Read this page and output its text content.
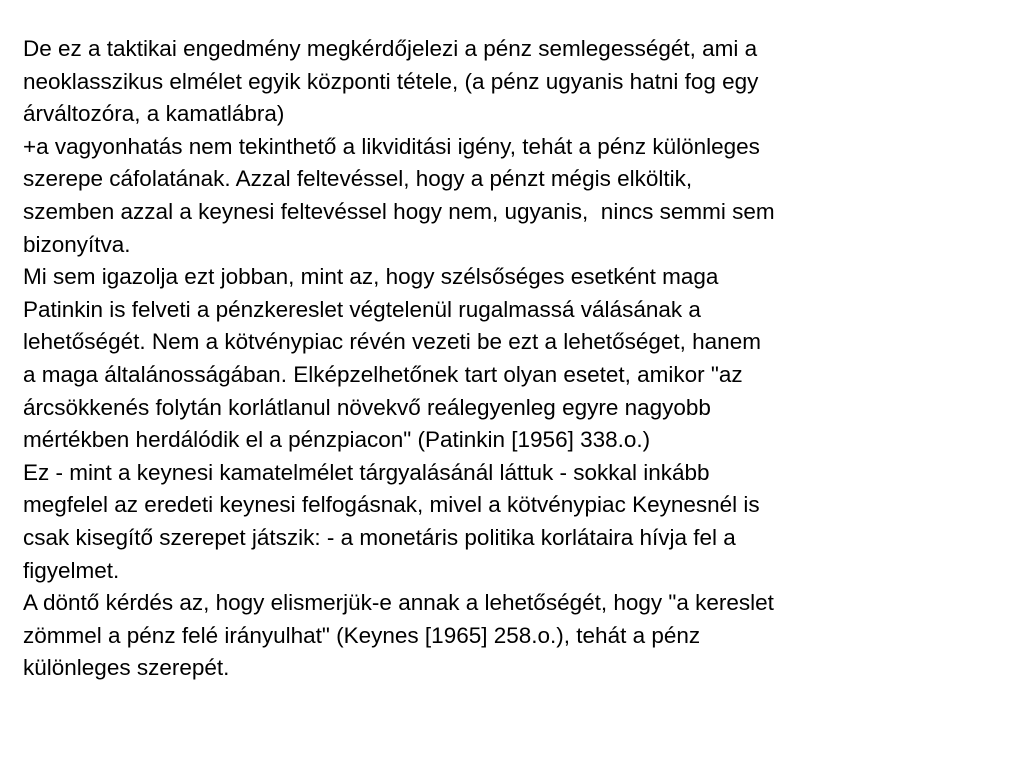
De ez a taktikai engedmény megkérdőjelezi a pénz semlegességét, ami a
neoklasszikus elmélet egyik központi tétele, (a pénz ugyanis hatni fog egy
árváltozóra, a kamatlábra)

+a vagyonhatás nem tekinthető a likviditási igény, tehát a pénz különleges
szerepe cáfolatának. Azzal feltevéssel, hogy a pénzt mégis elköltik,
szemben azzal a keynesi feltevéssel hogy nem, ugyanis,  nincs semmi sem
bizonyítva.

Mi sem igazolja ezt jobban, mint az, hogy szélsőséges esetként maga
Patinkin is felveti a pénzkereslet végtelenül rugalmassá válásának a
lehetőségét. Nem a kötvénypiac révén vezeti be ezt a lehetőséget, hanem
a maga általánosságában. Elképzelhetőnek tart olyan esetet, amikor "az
árcsökkenés folytán korlátlanul növekvő reálegyenleg egyre nagyobb
mértékben herdálódik el a pénzpiacon" (Patinkin [1956] 338.o.)

Ez - mint a keynesi kamatelmélet tárgyalásánál láttuk - sokkal inkább
megfelel az eredeti keynesi felfogásnak, mivel a kötvénypiac Keynesnél is
csak kisegítő szerepet játszik: - a monetáris politika korlátaira hívja fel a
figyelmet.

A döntő kérdés az, hogy elismerjük-e annak a lehetőségét, hogy "a kereslet
zömmel a pénz felé irányulhat" (Keynes [1965] 258.o.), tehát a pénz
különleges szerepét.
